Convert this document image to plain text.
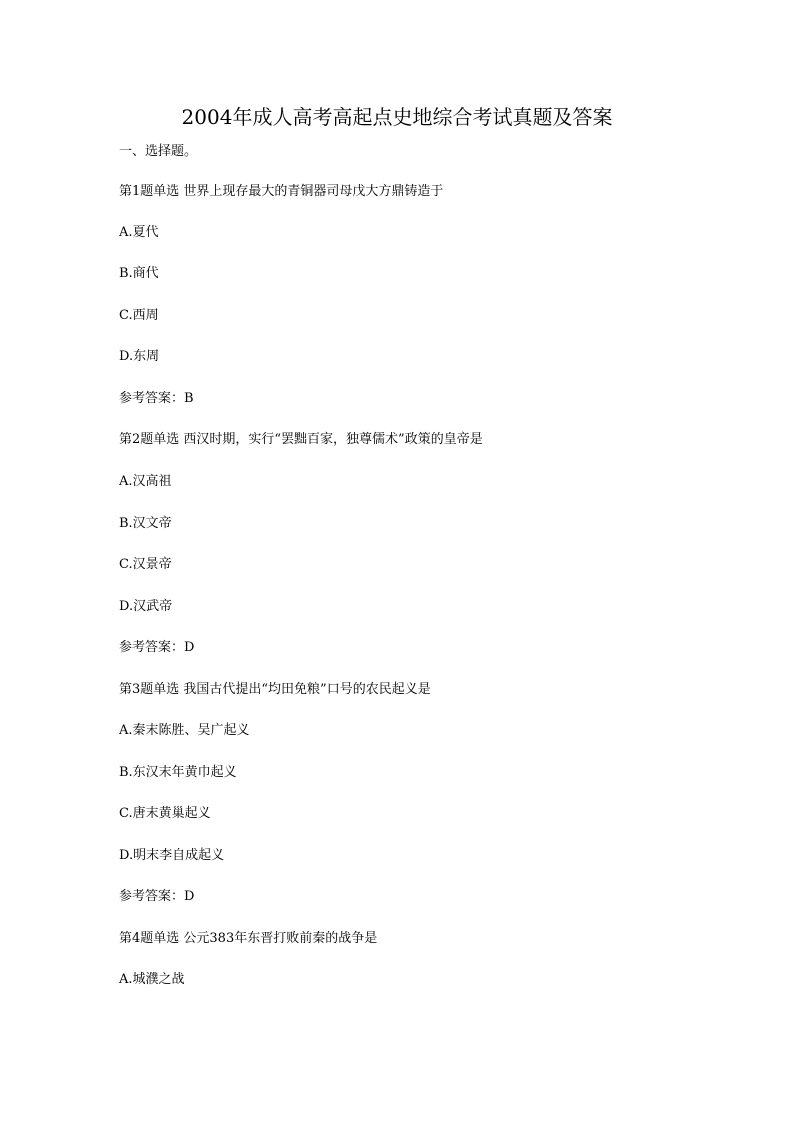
2004年成人高考高起点史地综合考试真题及答案
一、选择题。
第1题单选 世界上现存最大的青铜器司母戊大方鼎铸造于
A.夏代
B.商代
C.西周
D.东周
参考答案：B
第2题单选 西汉时期，实行“罢黜百家，独尊儒术”政策的皇帝是
A.汉高祖
B.汉文帝
C.汉景帝
D.汉武帝
参考答案：D
第3题单选 我国古代提出“均田免粮”口号的农民起义是
A.秦末陈胜、吴广起义
B.东汉末年黄巾起义
C.唐末黄巢起义
D.明末李自成起义
参考答案：D
第4题单选 公元383年东晋打败前秦的战争是
A.城濮之战
